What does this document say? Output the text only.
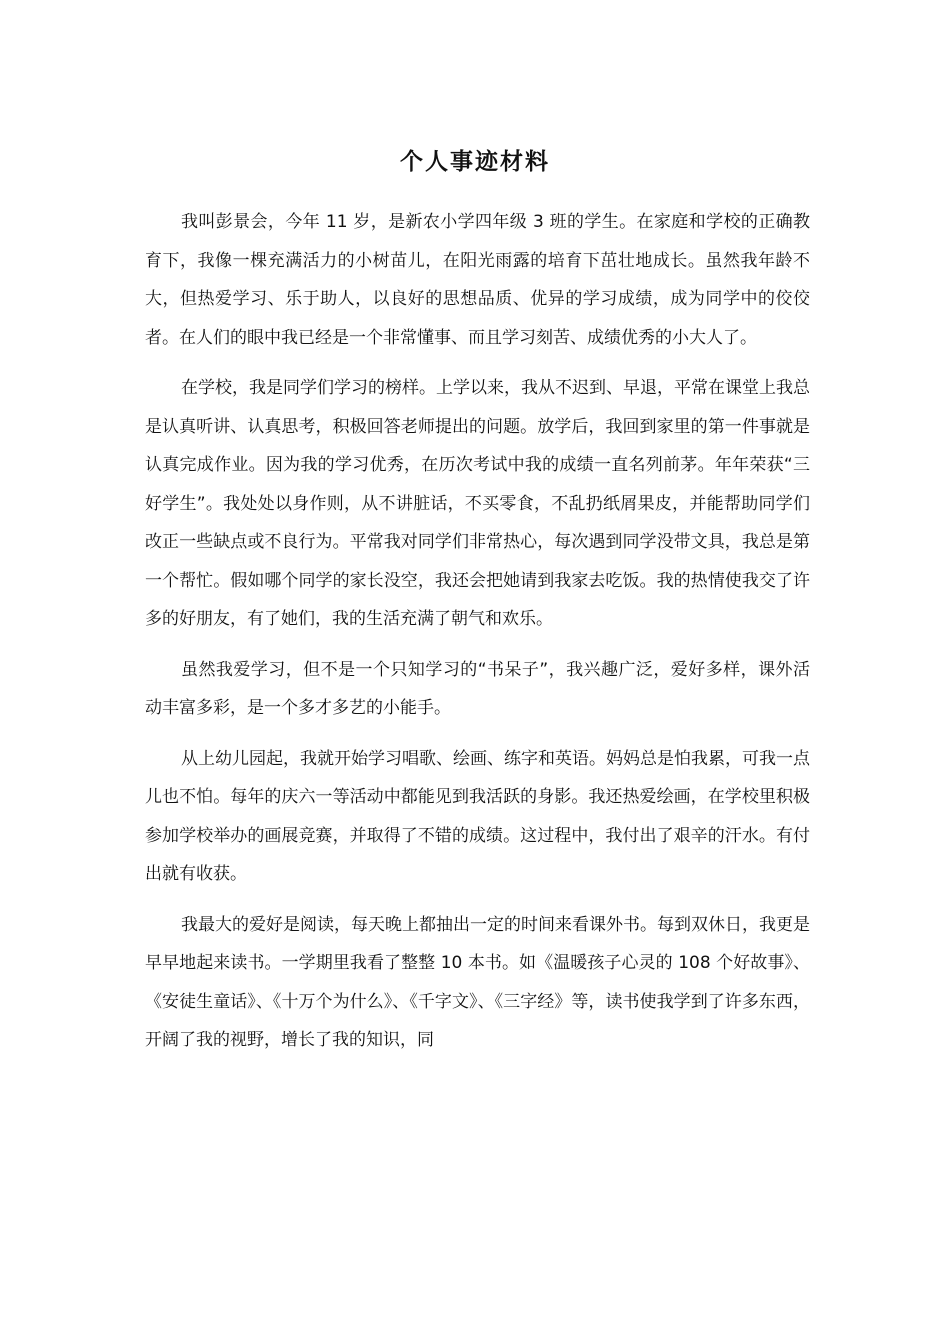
个人事迹材料

我叫彭景会，今年 11 岁，是新农小学四年级 3 班的学生。在家庭和学校的正确教育下，我像一棵充满活力的小树苗儿，在阳光雨露的培育下茁壮地成长。虽然我年龄不大，但热爱学习、乐于助人，以良好的思想品质、优异的学习成绩，成为同学中的佼佼者。在人们的眼中我已经是一个非常懂事、而且学习刻苦、成绩优秀的小大人了。

在学校，我是同学们学习的榜样。上学以来，我从不迟到、早退，平常在课堂上我总是认真听讲、认真思考，积极回答老师提出的问题。放学后，我回到家里的第一件事就是认真完成作业。因为我的学习优秀，在历次考试中我的成绩一直名列前茅。年年荣获“三好学生”。我处处以身作则，从不讲脏话，不买零食，不乱扔纸屑果皮，并能帮助同学们改正一些缺点或不良行为。平常我对同学们非常热心，每次遇到同学没带文具，我总是第一个帮忙。假如哪个同学的家长没空，我还会把她请到我家去吃饭。我的热情使我交了许多的好朋友，有了她们，我的生活充满了朝气和欢乐。

虽然我爱学习，但不是一个只知学习的“书呆子”，我兴趣广泛，爱好多样，课外活动丰富多彩，是一个多才多艺的小能手。

从上幼儿园起，我就开始学习唱歌、绘画、练字和英语。妈妈总是怕我累，可我一点儿也不怕。每年的庆六一等活动中都能见到我活跃的身影。我还热爱绘画，在学校里积极参加学校举办的画展竞赛，并取得了不错的成绩。这过程中，我付出了艰辛的汗水。有付出就有收获。

我最大的爱好是阅读，每天晚上都抽出一定的时间来看课外书。每到双休日，我更是早早地起来读书。一学期里我看了整整 10 本书。如《温暖孩子心灵的 108 个好故事》、《安徒生童话》、《十万个为什么》、《千字文》、《三字经》等，读书使我学到了许多东西，开阔了我的视野，增长了我的知识，同
